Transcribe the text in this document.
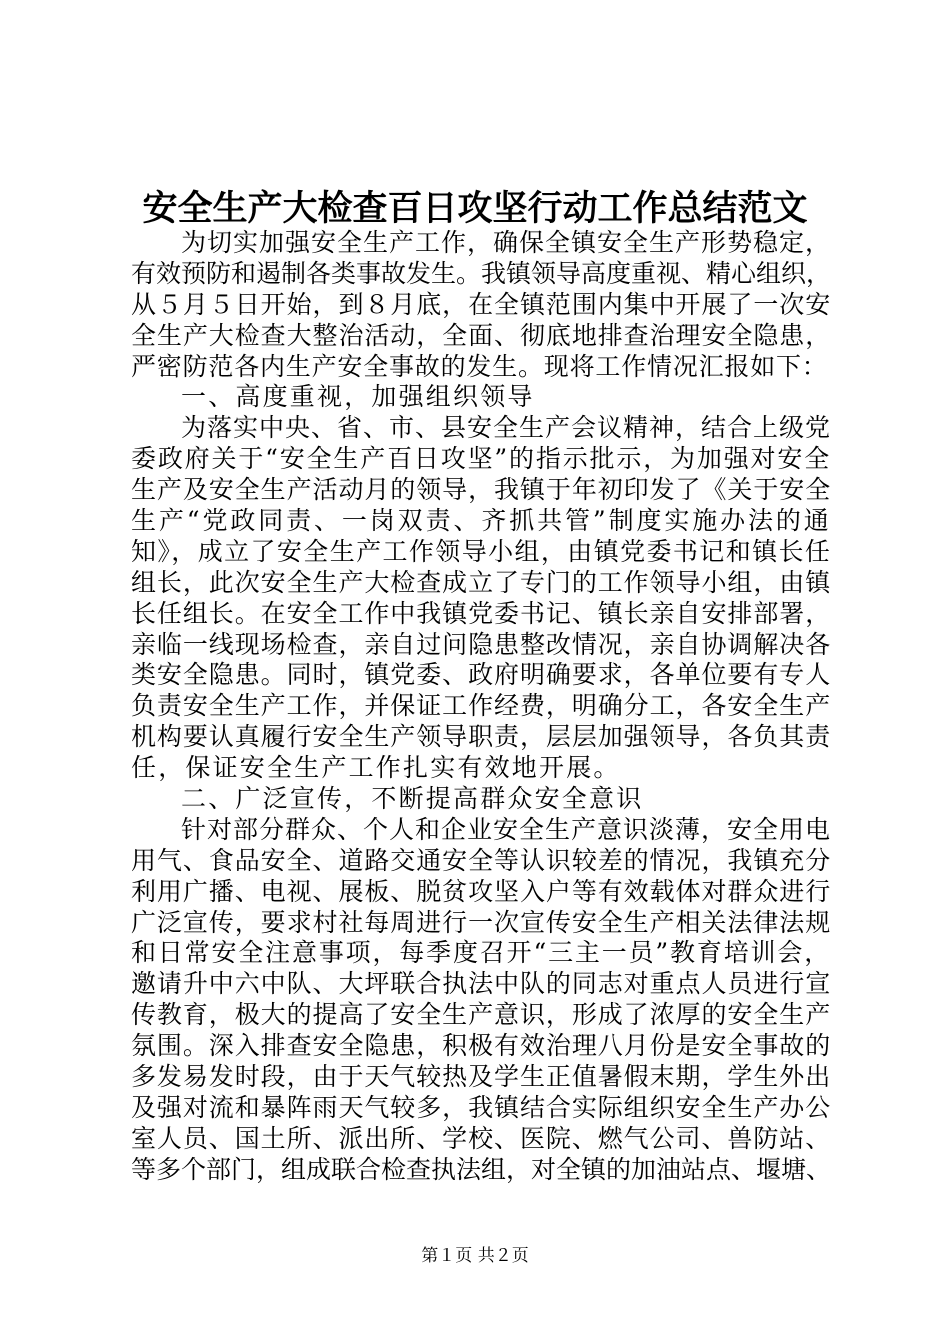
安全生产大检查百日攻坚行动工作总结范文
为切实加强安全生产工作，确保全镇安全生产形势稳定，
有效预防和遏制各类事故发生。我镇领导高度重视、精心组织，
从５月５日开始，到８月底，在全镇范围内集中开展了一次安
全生产大检查大整治活动，全面、彻底地排查治理安全隐患，
严密防范各内生产安全事故的发生。现将工作情况汇报如下：
一、高度重视，加强组织领导
为落实中央、省、市、县安全生产会议精神，结合上级党
委政府关于“安全生产百日攻坚”的指示批示，为加强对安全
生产及安全生产活动月的领导，我镇于年初印发了《关于安全
生产“党政同责、一岗双责、齐抓共管”制度实施办法的通
知》，成立了安全生产工作领导小组，由镇党委书记和镇长任
组长，此次安全生产大检查成立了专门的工作领导小组，由镇
长任组长。在安全工作中我镇党委书记、镇长亲自安排部署，
亲临一线现场检查，亲自过问隐患整改情况，亲自协调解决各
类安全隐患。同时，镇党委、政府明确要求，各单位要有专人
负责安全生产工作，并保证工作经费，明确分工，各安全生产
机构要认真履行安全生产领导职责，层层加强领导，各负其责
任，保证安全生产工作扎实有效地开展。
二、广泛宣传，不断提高群众安全意识
针对部分群众、个人和企业安全生产意识淡薄，安全用电
用气、食品安全、道路交通安全等认识较差的情况，我镇充分
利用广播、电视、展板、脱贫攻坚入户等有效载体对群众进行
广泛宣传，要求村社每周进行一次宣传安全生产相关法律法规
和日常安全注意事项，每季度召开“三主一员”教育培训会，
邀请升中六中队、大坪联合执法中队的同志对重点人员进行宣
传教育，极大的提高了安全生产意识，形成了浓厚的安全生产
氛围。深入排查安全隐患，积极有效治理八月份是安全事故的
多发易发时段，由于天气较热及学生正值暑假末期，学生外出
及强对流和暴阵雨天气较多，我镇结合实际组织安全生产办公
室人员、国土所、派出所、学校、医院、燃气公司、兽防站、
等多个部门，组成联合检查执法组，对全镇的加油站点、堰塘、
第１页 共２页
